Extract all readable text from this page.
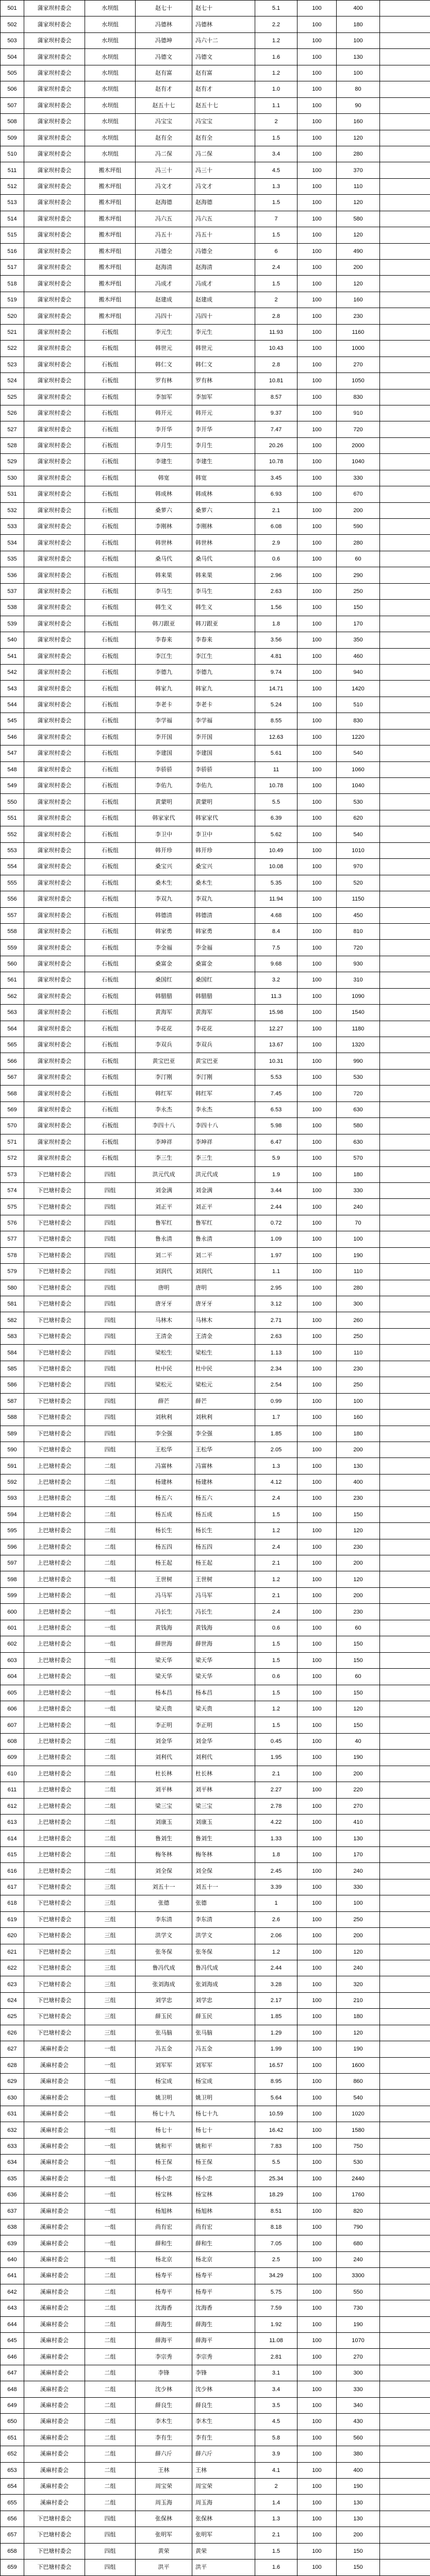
501	蒲家坝村委会	水坝组	赵七十	赵七十	5.1	100	400	
502	蒲家坝村委会	水坝组	冯德林	冯德林	2.2	100	180	
503	蒲家坝村委会	水坝组	冯德坤	冯六十二	1.2	100	100	
504	蒲家坝村委会	水坝组	冯德文	冯德文	1.6	100	130	
505	蒲家坝村委会	水坝组	赵有富	赵有富	1.2	100	100	
506	蒲家坝村委会	水坝组	赵有才	赵有才	1.0	100	80	
507	蒲家坝村委会	水坝组	赵五十七	赵五十七	1.1	100	90	
508	蒲家坝村委会	水坝组	冯宝宝	冯宝宝	2	100	160	
509	蒲家坝村委会	水坝组	赵有全	赵有全	1.5	100	120	
510	蒲家坝村委会	水坝组	冯二保	冯二保	3.4	100	280	
511	蒲家坝村委会	搬木坪组	冯三十	冯三十	4.5	100	370	
512	蒲家坝村委会	搬木坪组	冯文才	冯文才	1.3	100	110	
513	蒲家坝村委会	搬木坪组	赵海德	赵海德	1.5	100	120	
514	蒲家坝村委会	搬木坪组	冯六五	冯六五	7	100	580	
515	蒲家坝村委会	搬木坪组	冯五十	冯五十	1.5	100	120	
516	蒲家坝村委会	搬木坪组	冯德全	冯德全	6	100	490	
517	蒲家坝村委会	搬木坪组	赵海清	赵海清	2.4	100	200	
518	蒲家坝村委会	搬木坪组	冯成才	冯成才	1.5	100	120	
519	蒲家坝村委会	搬木坪组	赵建成	赵建成	2	100	160	
520	蒲家坝村委会	搬木坪组	冯四十	冯四十	2.8	100	230	
521	蒲家坝村委会	石板组	李元生	李元生	11.93	100	1160	
522	蒲家坝村委会	石板组	韩世元	韩世元	10.43	100	1000	
523	蒲家坝村委会	石板组	韩仁文	韩仁文	2.8	100	270	
524	蒲家坝村委会	石板组	罗有林	罗有林	10.81	100	1050	
525	蒲家坝村委会	石板组	李加军	李加军	8.57	100	830	
526	蒲家坝村委会	石板组	韩开元	韩开元	9.37	100	910	
527	蒲家坝村委会	石板组	李开华	李开华	7.47	100	720	
528	蒲家坝村委会	石板组	李月生	李月生	20.26	100	2000	
529	蒲家坝村委会	石板组	李建生	李建生	10.78	100	1040	
530	蒲家坝村委会	石板组	韩宽	韩宽	3.45	100	330	
531	蒲家坝村委会	石板组	韩成林	韩成林	6.93	100	670	
532	蒲家坝村委会	石板组	桑萝六	桑萝六	2.1	100	200	
533	蒲家坝村委会	石板组	李刚林	李刚林	6.08	100	590	
534	蒲家坝村委会	石板组	韩世林	韩世林	2.9	100	280	
535	蒲家坝村委会	石板组	桑马代	桑马代	0.6	100	60	
536	蒲家坝村委会	石板组	韩来果	韩来果	2.96	100	290	
537	蒲家坝村委会	石板组	李马生	李马生	2.63	100	250	
538	蒲家坝村委会	石板组	韩生义	韩生义	1.56	100	150	
539	蒲家坝村委会	石板组	韩刀跟亚	韩刀跟亚	1.8	100	170	
540	蒲家坝村委会	石板组	李春来	李春来	3.56	100	350	
541	蒲家坝村委会	石板组	李江生	李江生	4.81	100	460	
542	蒲家坝村委会	石板组	李德九	李德九	9.74	100	940	
543	蒲家坝村委会	石板组	韩家九	韩家九	14.71	100	1420	
544	蒲家坝村委会	石板组	李老卡	李老卡	5.24	100	510	
545	蒲家坝村委会	石板组	李学福	李学福	8.55	100	830	
546	蒲家坝村委会	石板组	李开国	李开国	12.63	100	1220	
547	蒲家坝村委会	石板组	李建国	李建国	5.61	100	540	
548	蒲家坝村委会	石板组	李骄骄	李骄骄	11	100	1060	
549	蒲家坝村委会	石板组	李佑九	李佑九	10.78	100	1040	
550	蒲家坝村委会	石板组	黄蒙明	黄蒙明	5.5	100	530	
551	蒲家坝村委会	石板组	韩家家代	韩家家代	6.39	100	620	
552	蒲家坝村委会	石板组	李卫中	李卫中	5.62	100	540	
553	蒲家坝村委会	石板组	韩开珍	韩开珍	10.49	100	1010	
554	蒲家坝村委会	石板组	桑宝兴	桑宝兴	10.08	100	970	
555	蒲家坝村委会	石板组	桑木生	桑木生	5.35	100	520	
556	蒲家坝村委会	石板组	李双九	李双九	11.94	100	1150	
557	蒲家坝村委会	石板组	韩德清	韩德清	4.68	100	450	
558	蒲家坝村委会	石板组	韩家勇	韩家勇	8.4	100	810	
559	蒲家坝村委会	石板组	李金福	李金福	7.5	100	720	
560	蒲家坝村委会	石板组	桑富金	桑富金	9.68	100	930	
561	蒲家坝村委会	石板组	桑国红	桑国红	3.2	100	310	
562	蒲家坝村委会	石板组	韩腊腊	韩腊腊	11.3	100	1090	
563	蒲家坝村委会	石板组	黄海军	黄海军	15.98	100	1540	
564	蒲家坝村委会	石板组	李花花	李花花	12.27	100	1180	
565	蒲家坝村委会	石板组	李双兵	李双兵	13.67	100	1320	
566	蒲家坝村委会	石板组	黄宝巴亚	黄宝巴亚	10.31	100	990	
567	蒲家坝村委会	石板组	李汀刚	李汀刚	5.53	100	530	
568	蒲家坝村委会	石板组	韩红军	韩红军	7.45	100	720	
569	蒲家坝村委会	石板组	李永杰	李永杰	6.53	100	630	
570	蒲家坝村委会	石板组	李四十八	李四十八	5.98	100	580	
571	蒲家坝村委会	石板组	李坤祥	李坤祥	6.47	100	630	
572	蒲家坝村委会	石板组	李三生	李三生	5.9	100	570	
573	下巴塘村委会	四组	洪元代成	洪元代成	1.9	100	180	
574	下巴塘村委会	四组	刘金满	刘金满	3.44	100	330	
575	下巴塘村委会	四组	刘正平	刘正平	2.44	100	240	
576	下巴塘村委会	四组	鲁军红	鲁军红	0.72	100	70	
577	下巴塘村委会	四组	鲁永清	鲁永清	1.09	100	100	
578	下巴塘村委会	四组	刘二平	刘二平	1.97	100	190	
579	下巴塘村委会	四组	刘润代	刘润代	1.1	100	110	
580	下巴塘村委会	四组	唐明	唐明	2.95	100	280	
581	下巴塘村委会	四组	唐牙牙	唐牙牙	3.12	100	300	
582	下巴塘村委会	四组	马林木	马林木	2.71	100	260	
583	下巴塘村委会	四组	王清金	王清金	2.63	100	250	
584	下巴塘村委会	四组	梁松生	梁松生	1.13	100	110	
585	下巴塘村委会	四组	杜中民	杜中民	2.34	100	230	
586	下巴塘村委会	四组	梁松元	梁松元	2.54	100	250	
587	下巴塘村委会	四组	薛芒	薛芒	0.99	100	100	
588	下巴塘村委会	四组	刘秋利	刘秋利	1.7	100	160	
589	下巴塘村委会	四组	李全强	李全强	1.85	100	180	
590	下巴塘村委会	四组	王松华	王松华	2.05	100	200	
591	上巴塘村委会	二组	冯富林	冯富林	1.3	100	130	
592	上巴塘村委会	二组	杨建林	杨建林	4.12	100	400	
593	上巴塘村委会	二组	杨五六	杨五六	2.4	100	230	
594	上巴塘村委会	二组	杨五成	杨五成	1.5	100	150	
595	上巴塘村委会	二组	杨长生	杨长生	1.2	100	120	
596	上巴塘村委会	二组	杨五四	杨五四	2.4	100	230	
597	上巴塘村委会	二组	杨王起	杨王起	2.1	100	200	
598	上巴塘村委会	一组	王世树	王世树	1.2	100	120	
599	上巴塘村委会	一组	冯马军	冯马军	2.1	100	200	
600	上巴塘村委会	一组	冯长生	冯长生	2.4	100	230	
601	上巴塘村委会	一组	黄钱海	黄钱海	0.6	100	60	
602	上巴塘村委会	一组	薛世海	薛世海	1.5	100	150	
603	上巴塘村委会	一组	梁天华	梁天华	1.5	100	150	
604	上巴塘村委会	一组	梁天华	梁天华	0.6	100	60	
605	上巴塘村委会	一组	杨本昌	杨本昌	1.5	100	150	
606	上巴塘村委会	一组	梁天贵	梁天贵	1.2	100	120	
607	上巴塘村委会	一组	李正明	李正明	1.5	100	150	
608	上巴塘村委会	二组	刘金华	刘金华	0.45	100	40	
609	上巴塘村委会	二组	刘利代	刘利代	1.95	100	190	
610	上巴塘村委会	二组	杜长林	杜长林	2.1	100	200	
611	上巴塘村委会	二组	刘平林	刘平林	2.27	100	220	
612	上巴塘村委会	二组	梁三宝	梁三宝	2.78	100	270	
613	上巴塘村委会	二组	刘康玉	刘康玉	4.22	100	410	
614	上巴塘村委会	二组	鲁刘生	鲁刘生	1.33	100	130	
615	上巴塘村委会	二组	梅冬林	梅冬林	1.8	100	170	
616	上巴塘村委会	二组	刘全保	刘全保	2.45	100	240	
617	下巴塘村委会	三组	刘五十一	刘五十一	3.39	100	330	
618	下巴塘村委会	三组	张德	张德	1	100	100	
619	下巴塘村委会	三组	李东清	李东清	2.6	100	250	
620	下巴塘村委会	三组	洪学文	洪学文	2.06	100	200	
621	下巴塘村委会	三组	张冬保	张冬保	1.2	100	120	
622	下巴塘村委会	三组	鲁冯代成	鲁冯代成	2.44	100	240	
623	下巴塘村委会	三组	张刘海成	张刘海成	3.28	100	320	
624	下巴塘村委会	三组	刘学忠	刘学忠	2.17	100	210	
625	下巴塘村委会	三组	薛玉民	薛玉民	1.85	100	180	
626	下巴塘村委会	三组	张马脑	张马脑	1.29	100	120	
627	溪麻村委会	一组	冯五金	冯五金	1.99	100	190	
628	溪麻村委会	一组	刘军军	刘军军	16.57	100	1600	
629	溪麻村委会	一组	杨宝成	杨宝成	8.95	100	860	
630	溪麻村委会	一组	姚卫明	姚卫明	5.64	100	540	
631	溪麻村委会	一组	杨七十九	杨七十九	10.59	100	1020	
632	溪麻村委会	一组	杨七十	杨七十	16.42	100	1580	
633	溪麻村委会	一组	姚和平	姚和平	7.83	100	750	
634	溪麻村委会	一组	杨王保	杨王保	5.5	100	530	
635	溪麻村委会	一组	杨小忠	杨小忠	25.34	100	2440	
636	溪麻村委会	一组	杨宝林	杨宝林	18.29	100	1760	
637	溪麻村委会	一组	杨旭林	杨旭林	8.51	100	820	
638	溪麻村委会	一组	尚有宏	尚有宏	8.18	100	790	
639	溪麻村委会	一组	薛和生	薛和生	7.05	100	680	
640	溪麻村委会	一组	杨北京	杨北京	2.5	100	240	
641	溪麻村委会	二组	杨寿平	杨寿平	34.29	100	3300	
642	溪麻村委会	二组	杨寿平	杨寿平	5.75	100	550	
643	溪麻村委会	二组	沈海香	沈海香	7.59	100	730	
644	溪麻村委会	二组	薛海生	薛海生	1.92	100	190	
645	溪麻村委会	二组	薛海平	薛海平	11.08	100	1070	
646	溪麻村委会	二组	李宗秀	李宗秀	2.81	100	270	
647	溪麻村委会	二组	李锋	李锋	3.1	100	300	
648	溪麻村委会	二组	沈少林	沈少林	3.4	100	330	
649	溪麻村委会	二组	薛良生	薛良生	3.5	100	340	
650	溪麻村委会	二组	李木生	李木生	4.5	100	430	
651	溪麻村委会	二组	李有生	李有生	5.8	100	560	
652	溪麻村委会	二组	薛六斤	薛六斤	3.9	100	380	
653	溪麻村委会	二组	王林	王林	4.1	100	400	
654	溪麻村委会	二组	周宝荣	周宝荣	2	100	190	
655	溪麻村委会	二组	周玉海	周玉海	1.4	100	130	
656	下巴塘村委会	四组	张保林	张保林	1.3	100	130	
657	下巴塘村委会	四组	张明军	张明军	2.1	100	200	
658	下巴塘村委会	四组	黄荣	黄荣	1.5	100	150	
659	下巴塘村委会	四组	洪平	洪平	1.6	100	150	
